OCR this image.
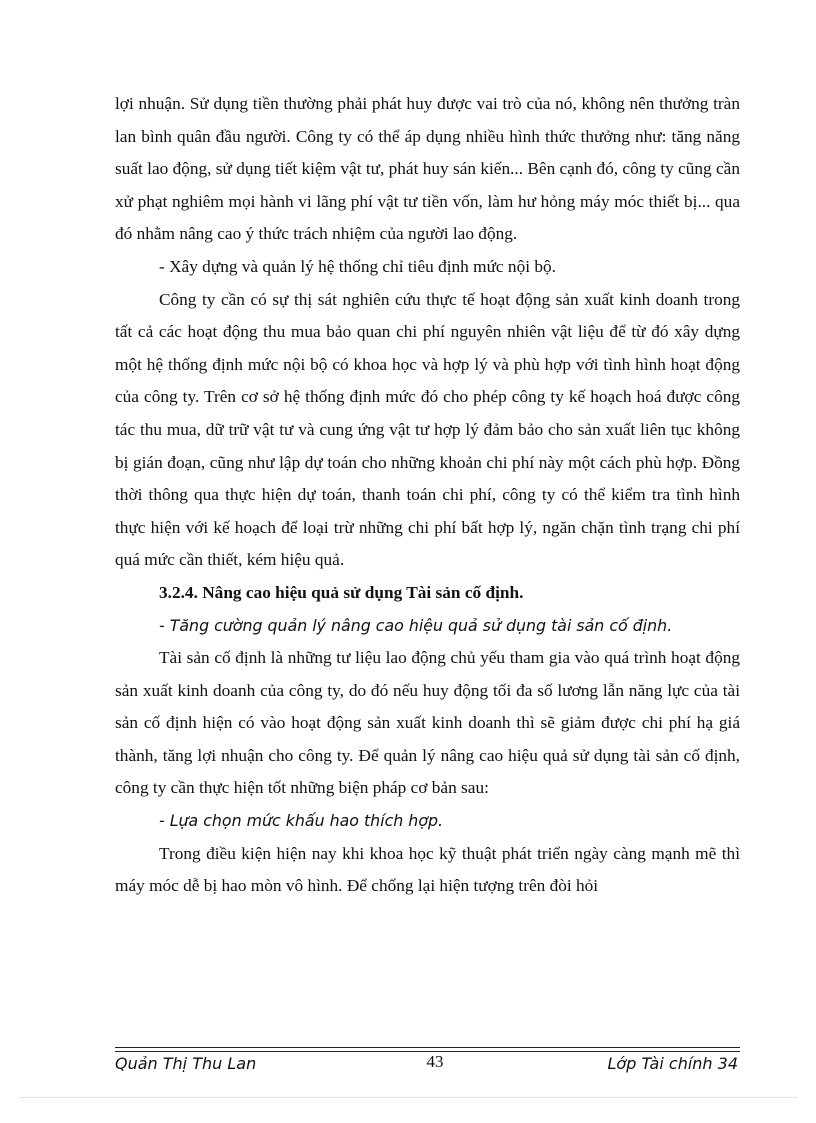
lợi nhuận. Sử dụng tiền thường phải phát huy được vai trò của nó, không nên thưởng tràn lan bình quân đầu người. Công ty có thể áp dụng nhiều hình thức thưởng như: tăng năng suất lao động, sử dụng tiết kiệm vật tư, phát huy sán kiến... Bên cạnh đó, công ty cũng cần xử phạt nghiêm mọi hành vi lãng phí vật tư tiền vốn, làm hư hỏng máy móc thiết bị... qua đó nhằm nâng cao ý thức trách nhiệm của người lao động.

- Xây dựng và quản lý hệ thống chỉ tiêu định mức nội bộ.

Công ty cần có sự thị sát nghiên cứu thực tế hoạt động sản xuất kinh doanh trong tất cả các hoạt động thu mua bảo quan chi phí nguyên nhiên vật liệu để từ đó xây dựng một hệ thống định mức nội bộ có khoa học và hợp lý và phù hợp với tình hình hoạt động của công ty. Trên cơ sở hệ thống định mức đó cho phép công ty kế hoạch hoá được công tác thu mua, dữ trữ vật tư và cung ứng vật tư hợp lý đảm bảo cho sản xuất liên tục không bị gián đoạn, cũng như lập dự toán cho những khoản chi phí này một cách phù hợp. Đồng thời thông qua thực hiện dự toán, thanh toán chi phí, công ty có thể kiểm tra tình hình thực hiện với kế hoạch để loại trừ những chi phí bất hợp lý, ngăn chặn tình trạng chi phí quá mức cần thiết, kém hiệu quả.

3.2.4. Nâng cao hiệu quả sử dụng Tài sản cố định.

- Tăng cường quản lý nâng cao hiệu quả sử dụng tài sản cố định.

Tài sản cố định là những tư liệu lao động chủ yếu tham gia vào quá trình hoạt động sản xuất kinh doanh của công ty, do đó nếu huy động tối đa số lương lẫn năng lực của tài sản cố định hiện có vào hoạt động sản xuất kinh doanh thì sẽ giảm được chi phí hạ giá thành, tăng lợi nhuận cho công ty. Để quản lý nâng cao hiệu quả sử dụng tài sản cố định, công ty cần thực hiện tốt những biện pháp cơ bản sau:

- Lựa chọn mức khấu hao thích hợp.

Trong điều kiện hiện nay khi khoa học kỹ thuật phát triển ngày càng mạnh mẽ thì máy móc dễ bị hao mòn vô hình. Để chống lại hiện tượng trên đòi hỏi

Quản Thị Thu Lan	43	Lớp Tài chính 34
